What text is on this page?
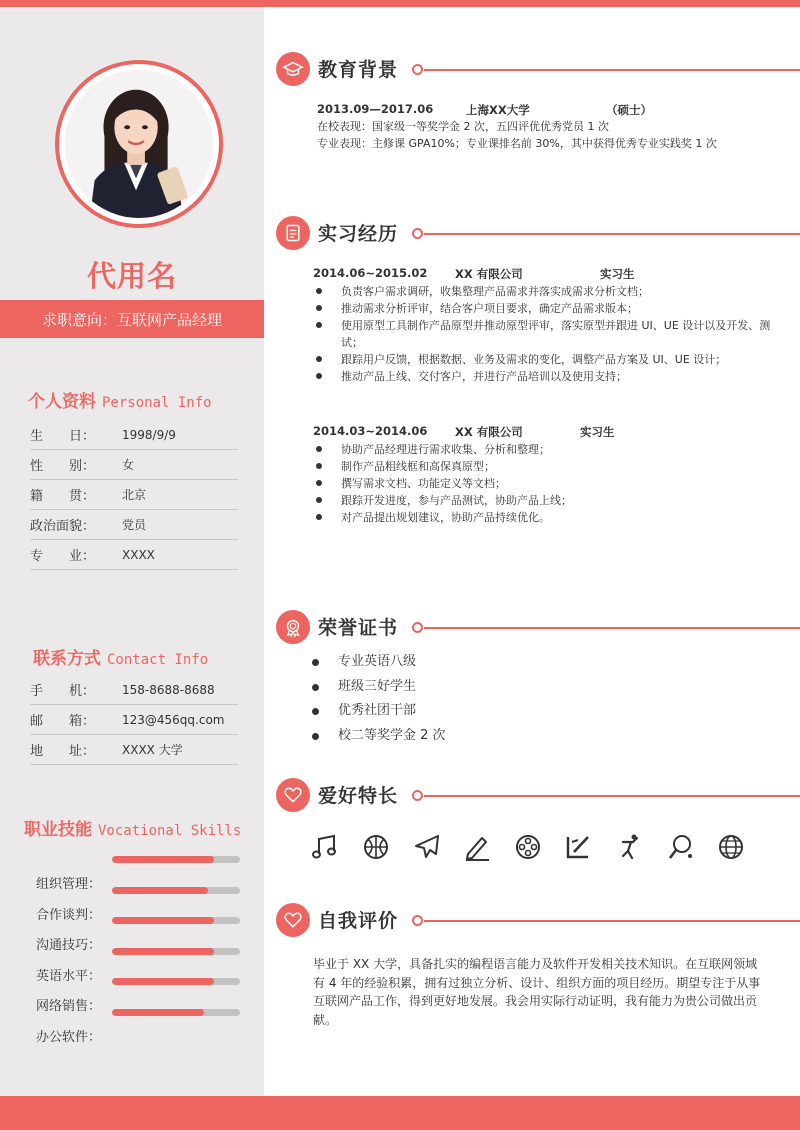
代用名
求职意向：互联网产品经理
个人资料 Personal Info
生　　日：	1998/9/9
性　　别：	女
籍　　贯：	北京
政治面貌：	党员
专　　业：	XXXX
联系方式 Contact Info
手　　机：	158-8688-8688
邮　　箱：	123@456qq.com
地　　址：	XXXX 大学
职业技能 Vocational Skills
组织管理：
合作谈判：
沟通技巧：
英语水平：
网络销售：
办公软件：
教育背景
2013.09—2017.06	上海XX大学	（硕士）
在校表现：国家级一等奖学金 2 次，五四评优优秀党员 1 次
专业表现：主修课 GPA10%；专业课排名前 30%，其中获得优秀专业实践奖 1 次
实习经历
2014.06~2015.02 XX 有限公司	实习生
负责客户需求调研，收集整理产品需求并落实成需求分析文档；
推动需求分析评审，结合客户项目要求，确定产品需求版本；
使用原型工具制作产品原型并推动原型评审，落实原型并跟进 UI、UE 设计以及开发、测试；
跟踪用户反馈，根据数据、业务及需求的变化，调整产品方案及 UI、UE 设计；
推动产品上线、交付客户，并进行产品培训以及使用支持；
2014.03~2014.06 XX 有限公司	实习生
协助产品经理进行需求收集、分析和整理；
制作产品粗线框和高保真原型；
撰写需求文档、功能定义等文档；
跟踪开发进度，参与产品测试，协助产品上线；
对产品提出规划建议，协助产品持续优化。
荣誉证书
专业英语八级
班级三好学生
优秀社团干部
校二等奖学金 2 次
爱好特长
自我评价
毕业于 XX 大学，具备扎实的编程语言能力及软件开发相关技术知识。在互联网领域有 4 年的经验积累，拥有过独立分析、设计、组织方面的项目经历。期望专注于从事互联网产品工作，得到更好地发展。我会用实际行动证明，我有能力为贵公司做出贡献。
